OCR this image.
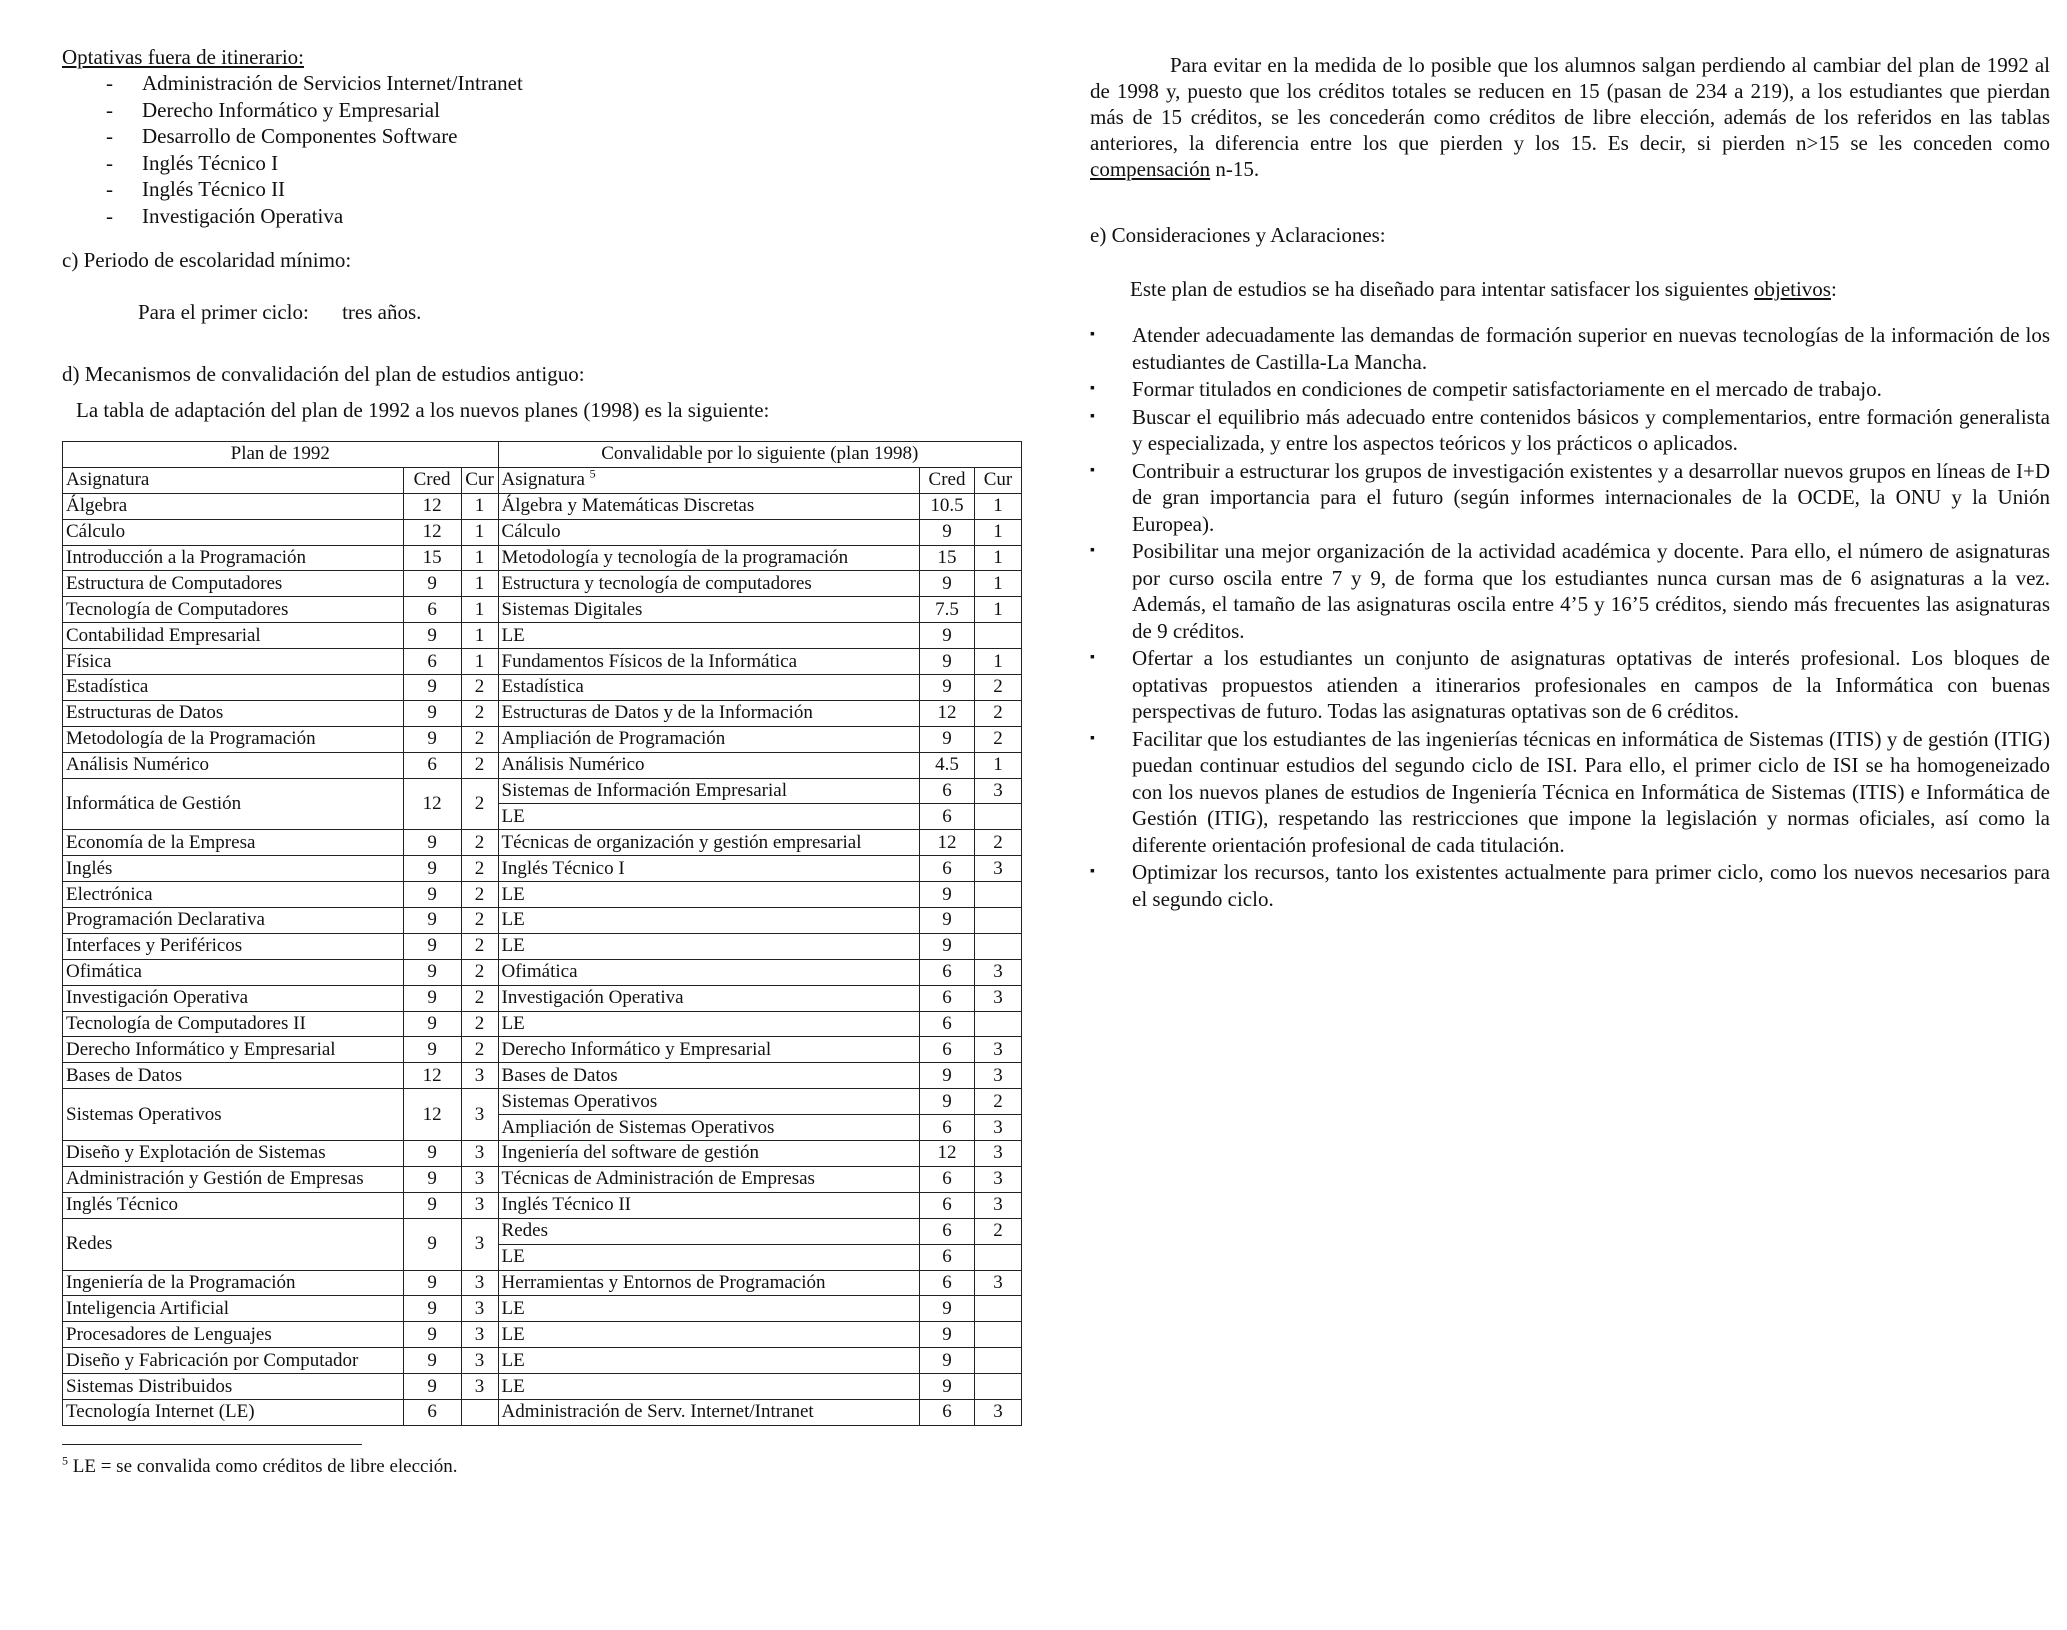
Optativas fuera de itinerario:
- Administración de Servicios Internet/Intranet
- Derecho Informático y Empresarial
- Desarrollo de Componentes Software
- Inglés Técnico I
- Inglés Técnico II
- Investigación Operativa
c) Periodo de escolaridad mínimo:
Para el primer ciclo: tres años.
d) Mecanismos de convalidación del plan de estudios antiguo:
La tabla de adaptación del plan de 1992 a los nuevos planes (1998) es la siguiente:
Plan de 1992			Convalidable por lo siguiente (plan 1998)		
Asignatura	Cred	Cur	Asignatura $^5$	Cred	Cur
Álgebra	12	1	Álgebra y Matemáticas Discretas	10.5	1
Cálculo	12	1	Cálculo	9	1
Introducción a la Programación	15	1	Metodología y tecnología de la programación	15	1
Estructura de Computadores	9	1	Estructura y tecnología de computadores	9	1
Tecnología de Computadores	6	1	Sistemas Digitales	7.5	1
Contabilidad Empresarial	9	1	LE	9	
Física	6	1	Fundamentos Físicos de la Informática	9	1
Estadística	9	2	Estadística	9	2
Estructuras de Datos	9	2	Estructuras de Datos y de la Información	12	2
Metodología de la Programación	9	2	Ampliación de Programación	9	2
Análisis Numérico	6	2	Análisis Numérico	4.5	1
Informática de Gestión	12	2	Sistemas de Información Empresarial	6	3
			LE	6	
Economía de la Empresa	9	2	Técnicas de organización y gestión empresarial	12	2
Inglés	9	2	Inglés Técnico I	6	3
Electrónica	9	2	LE	9	
Programación Declarativa	9	2	LE	9	
Interfaces y Periféricos	9	2	LE	9	
Ofimática	9	2	Ofimática	6	3
Investigación Operativa	9	2	Investigación Operativa	6	3
Tecnología de Computadores II	9	2	LE	6	
Derecho Informático y Empresarial	9	2	Derecho Informático y Empresarial	6	3
Bases de Datos	12	3	Bases de Datos	9	3
Sistemas Operativos	12	3	Sistemas Operativos	9	2
			Ampliación de Sistemas Operativos	6	3
Diseño y Explotación de Sistemas	9	3	Ingeniería del software de gestión	12	3
Administración y Gestión de Empresas	9	3	Técnicas de Administración de Empresas	6	3
Inglés Técnico	9	3	Inglés Técnico II	6	3
Redes	9	3	Redes	6	2
			LE	6	
Ingeniería de la Programación	9	3	Herramientas y Entornos de Programación	6	3
Inteligencia Artificial	9	3	LE	9	
Procesadores de Lenguajes	9	3	LE	9	
Diseño y Fabricación por Computador	9	3	LE	9	
Sistemas Distribuidos	9	3	LE	9	
Tecnología Internet (LE)	6		Administración de Serv. Internet/Intranet	6	3
$^5$ LE = se convalida como créditos de libre elección.

Para evitar en la medida de lo posible que los alumnos salgan perdiendo al cambiar del plan de 1992 al de 1998 y, puesto que los créditos totales se reducen en 15 (pasan de 234 a 219), a los estudiantes que pierdan más de 15 créditos, se les concederán como créditos de libre elección, además de los referidos en las tablas anteriores, la diferencia entre los que pierden y los 15. Es decir, si pierden n>15 se les conceden como compensación n-15.

e) Consideraciones y Aclaraciones:
Este plan de estudios se ha diseñado para intentar satisfacer los siguientes objetivos:
▪ Atender adecuadamente las demandas de formación superior en nuevas tecnologías de la información de los estudiantes de Castilla-La Mancha.
▪ Formar titulados en condiciones de competir satisfactoriamente en el mercado de trabajo.
▪ Buscar el equilibrio más adecuado entre contenidos básicos y complementarios, entre formación generalista y especializada, y entre los aspectos teóricos y los prácticos o aplicados.
▪ Contribuir a estructurar los grupos de investigación existentes y a desarrollar nuevos grupos en líneas de I+D de gran importancia para el futuro (según informes internacionales de la OCDE, la ONU y la Unión Europea).
▪ Posibilitar una mejor organización de la actividad académica y docente. Para ello, el número de asignaturas por curso oscila entre 7 y 9, de forma que los estudiantes nunca cursan mas de 6 asignaturas a la vez. Además, el tamaño de las asignaturas oscila entre 4’5 y 16’5 créditos, siendo más frecuentes las asignaturas de 9 créditos.
▪ Ofertar a los estudiantes un conjunto de asignaturas optativas de interés profesional. Los bloques de optativas propuestos atienden a itinerarios profesionales en campos de la Informática con buenas perspectivas de futuro. Todas las asignaturas optativas son de 6 créditos.
▪ Facilitar que los estudiantes de las ingenierías técnicas en informática de Sistemas (ITIS) y de gestión (ITIG) puedan continuar estudios del segundo ciclo de ISI. Para ello, el primer ciclo de ISI se ha homogeneizado con los nuevos planes de estudios de Ingeniería Técnica en Informática de Sistemas (ITIS) e Informática de Gestión (ITIG), respetando las restricciones que impone la legislación y normas oficiales, así como la diferente orientación profesional de cada titulación.
▪ Optimizar los recursos, tanto los existentes actualmente para primer ciclo, como los nuevos necesarios para el segundo ciclo.
